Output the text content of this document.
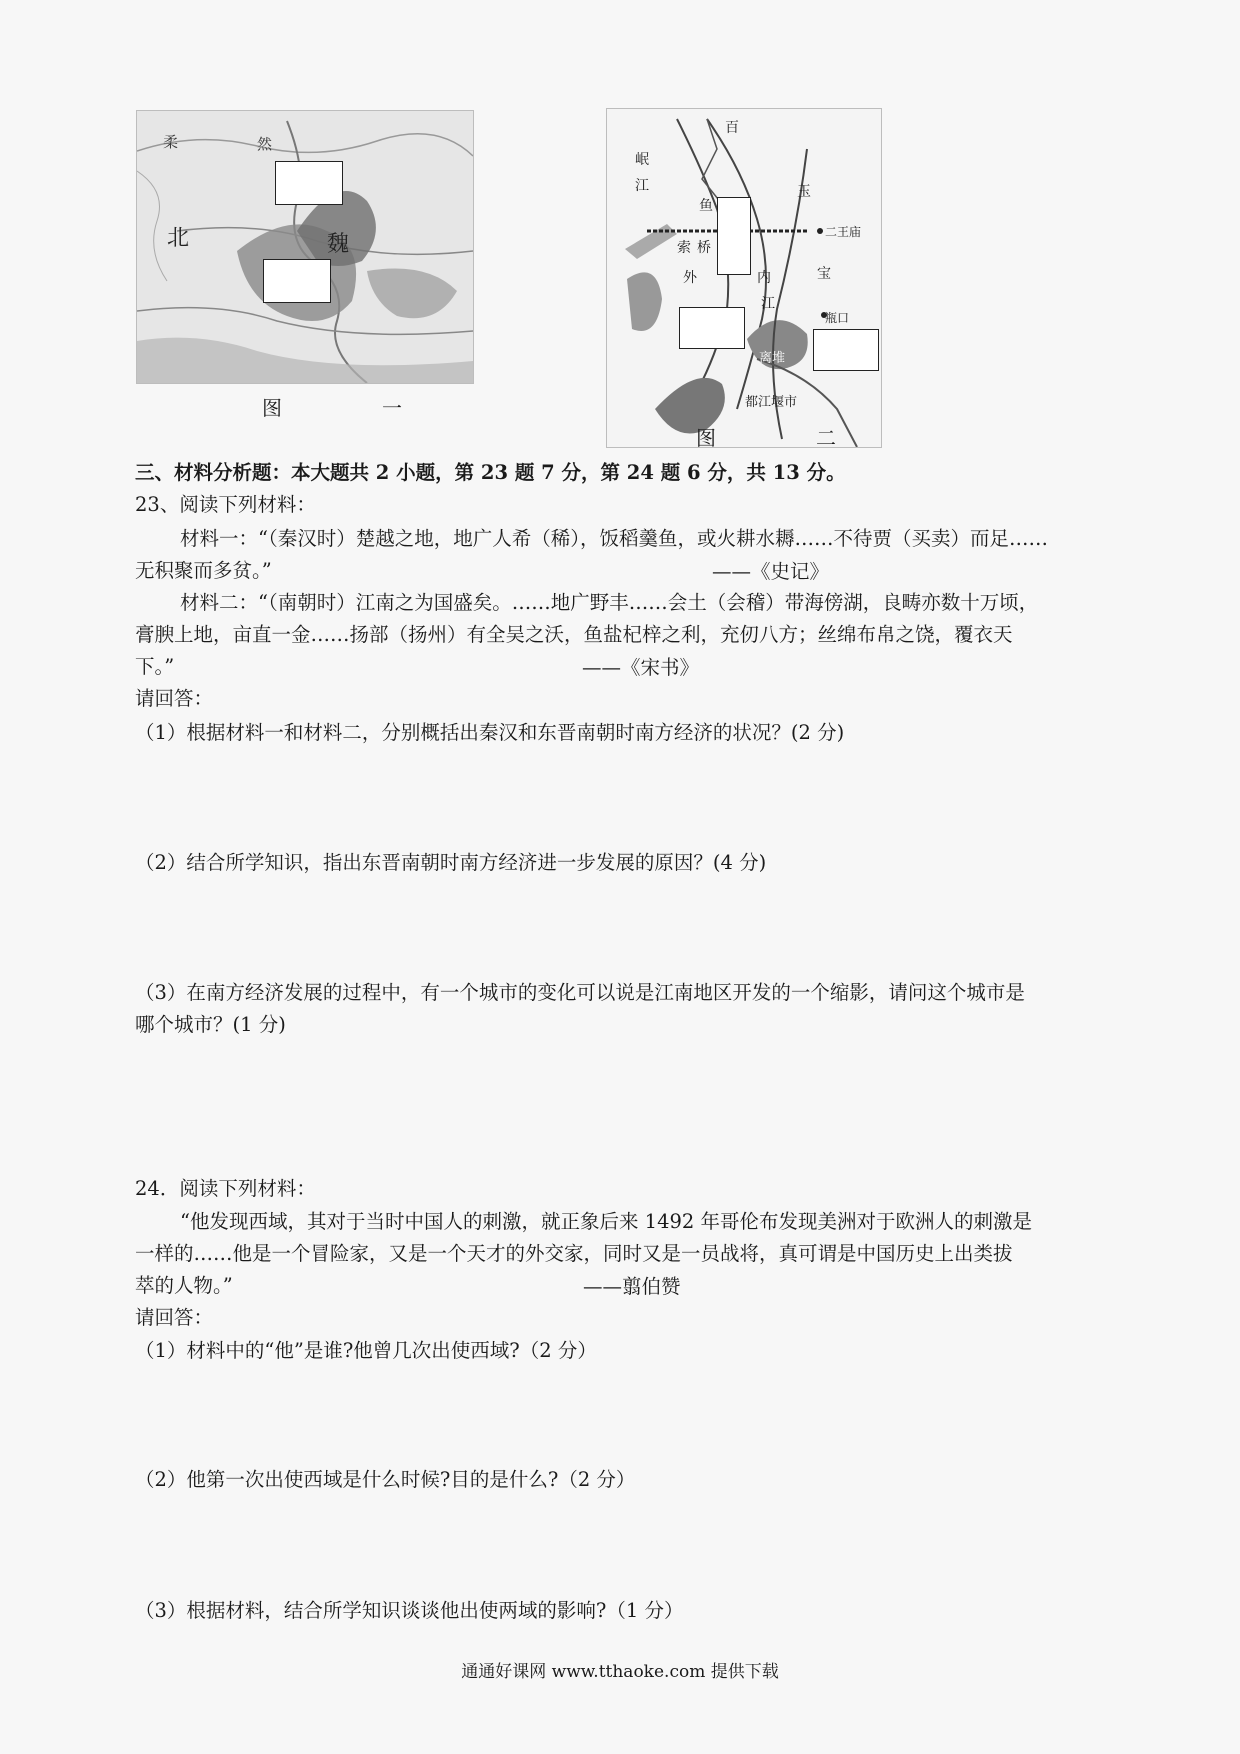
柔	然
北	魏
图　一
百
玉
二王庙
岷
江
鱼
索 桥
外	内
江
宝
瓶口
离堆
都江堰市
图　二
三、材料分析题：本大题共 2 小题，第 23 题 7 分，第 24 题 6 分，共 13 分。
23、阅读下列材料：
材料一：“（秦汉时）楚越之地，地广人希（稀），饭稻羹鱼，或火耕水耨……不待贾（买卖）而足……
无积聚而多贫。”	——《史记》
材料二：“（南朝时）江南之为国盛矣。……地广野丰……会土（会稽）带海傍湖，良畴亦数十万顷，
膏腴上地，亩直一金……扬部（扬州）有全吴之沃，鱼盐杞梓之利，充仞八方；丝绵布帛之饶，覆衣天
下。”	——《宋书》
请回答：
（1）根据材料一和材料二，分别概括出秦汉和东晋南朝时南方经济的状况？(2 分)
（2）结合所学知识，指出东晋南朝时南方经济进一步发展的原因？(4 分)
（3）在南方经济发展的过程中，有一个城市的变化可以说是江南地区开发的一个缩影，请问这个城市是
哪个城市？(1 分)
24．阅读下列材料：
“他发现西域，其对于当时中国人的刺激，就正象后来 1492 年哥伦布发现美洲对于欧洲人的刺激是
一样的……他是一个冒险家，又是一个天才的外交家，同时又是一员战将，真可谓是中国历史上出类拔
萃的人物。”	——翦伯赞
请回答：
（1）材料中的“他”是谁?他曾几次出使西域?（2 分）
（2）他第一次出使西域是什么时候?目的是什么?（2 分）
（3）根据材料，结合所学知识谈谈他出使两域的影响?（1 分）
通通好课网 www.tthaoke.com 提供下载
